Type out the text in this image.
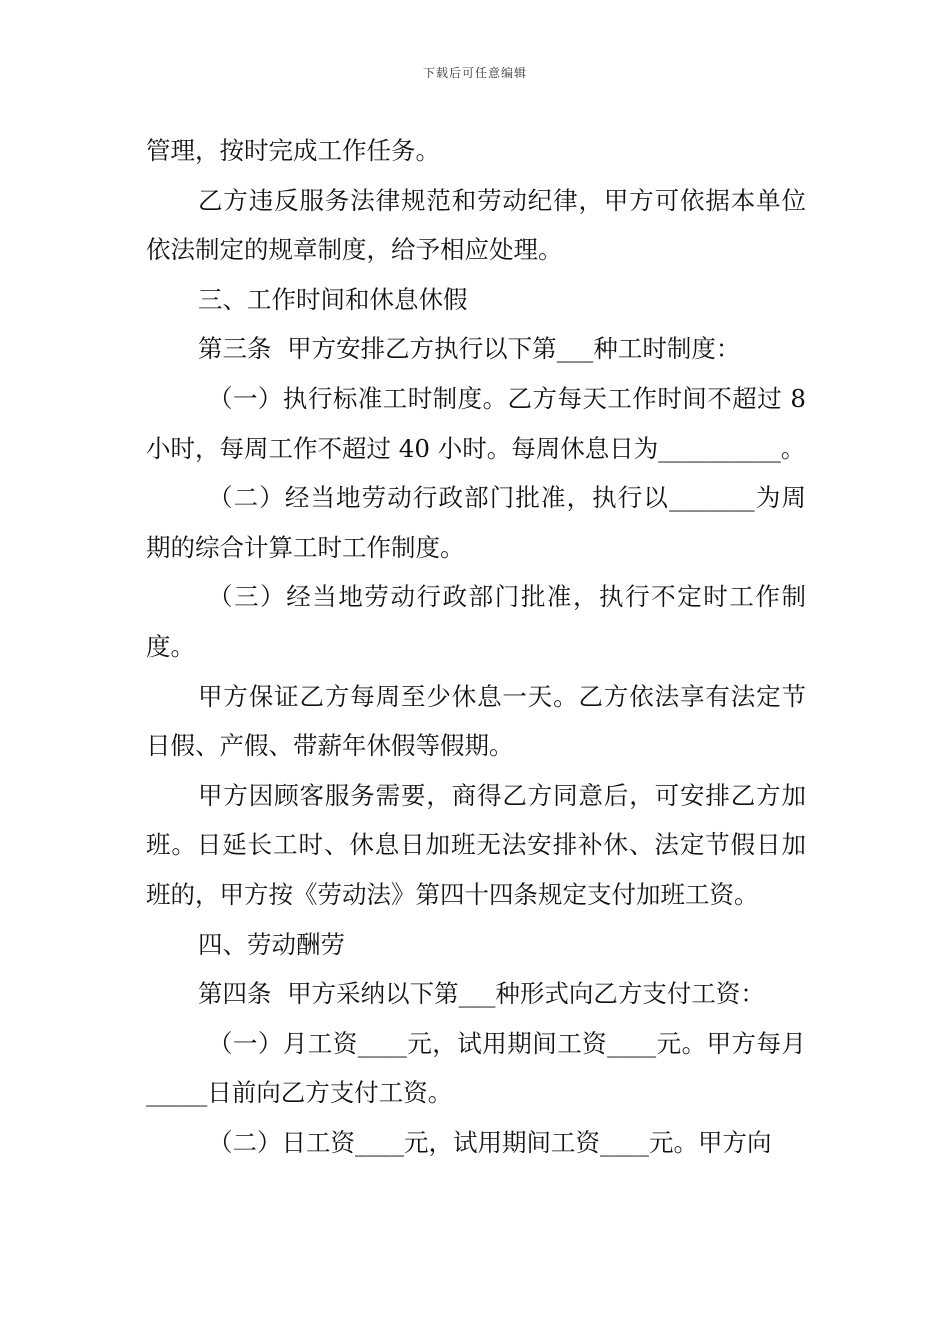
下载后可任意编辑

管理，按时完成工作任务。

乙方违反服务法律规范和劳动纪律，甲方可依据本单位依法制定的规章制度，给予相应处理。

三、工作时间和休息休假

第三条  甲方安排乙方执行以下第___种工时制度：

（一）执行标准工时制度。乙方每天工作时间不超过 8 小时，每周工作不超过 40 小时。每周休息日为__________。

（二）经当地劳动行政部门批准，执行以_______为周期的综合计算工时工作制度。

（三）经当地劳动行政部门批准，执行不定时工作制度。

甲方保证乙方每周至少休息一天。乙方依法享有法定节日假、产假、带薪年休假等假期。

甲方因顾客服务需要，商得乙方同意后，可安排乙方加班。日延长工时、休息日加班无法安排补休、法定节假日加班的，甲方按《劳动法》第四十四条规定支付加班工资。

四、劳动酬劳

第四条  甲方采纳以下第___种形式向乙方支付工资：

（一）月工资____元，试用期间工资____元。甲方每月_____日前向乙方支付工资。

（二）日工资____元，试用期间工资____元。甲方向
